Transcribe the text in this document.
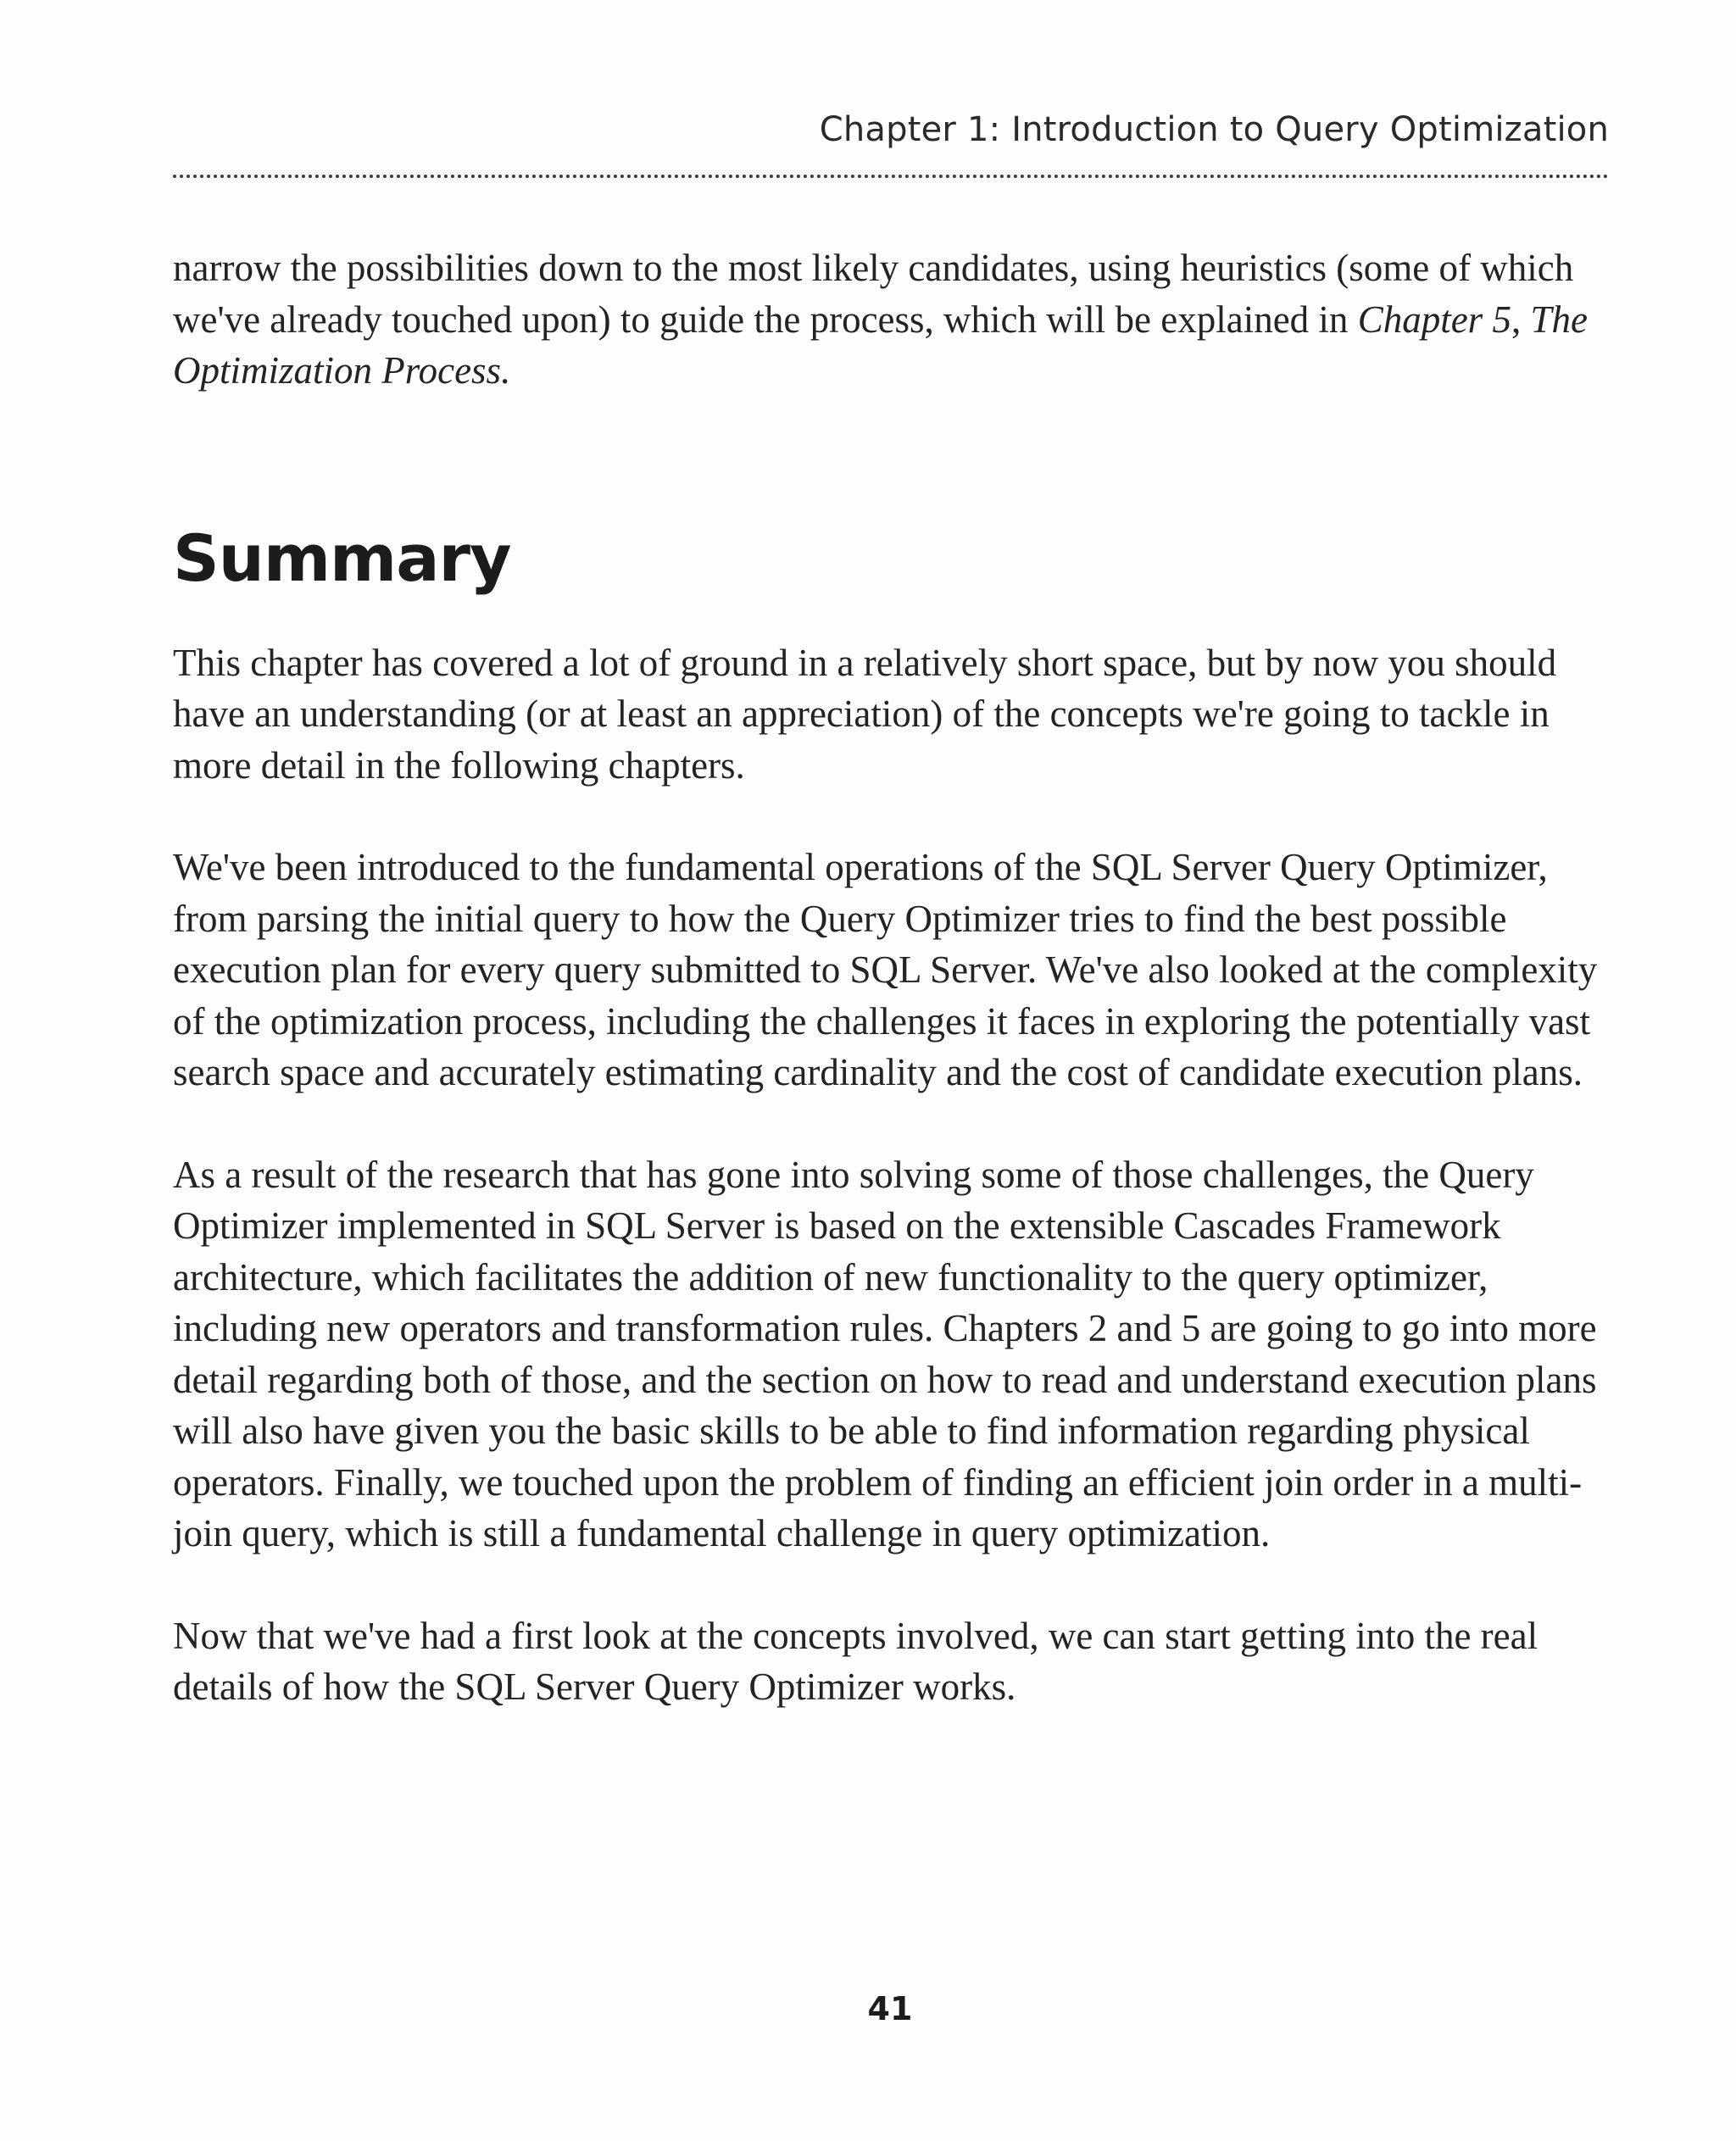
Chapter 1: Introduction to Query Optimization

narrow the possibilities down to the most likely candidates, using heuristics (some of which we've already touched upon) to guide the process, which will be explained in Chapter 5, The Optimization Process.

Summary

This chapter has covered a lot of ground in a relatively short space, but by now you should have an understanding (or at least an appreciation) of the concepts we're going to tackle in more detail in the following chapters.

We've been introduced to the fundamental operations of the SQL Server Query Optimizer, from parsing the initial query to how the Query Optimizer tries to find the best possible execution plan for every query submitted to SQL Server. We've also looked at the complexity of the optimization process, including the challenges it faces in exploring the potentially vast search space and accurately estimating cardinality and the cost of candidate execution plans.

As a result of the research that has gone into solving some of those challenges, the Query Optimizer implemented in SQL Server is based on the extensible Cascades Framework architecture, which facilitates the addition of new functionality to the query optimizer, including new operators and transformation rules. Chapters 2 and 5 are going to go into more detail regarding both of those, and the section on how to read and understand execution plans will also have given you the basic skills to be able to find information regarding physical operators. Finally, we touched upon the problem of finding an efficient join order in a multi-join query, which is still a fundamental challenge in query optimization.

Now that we've had a first look at the concepts involved, we can start getting into the real details of how the SQL Server Query Optimizer works.

41
